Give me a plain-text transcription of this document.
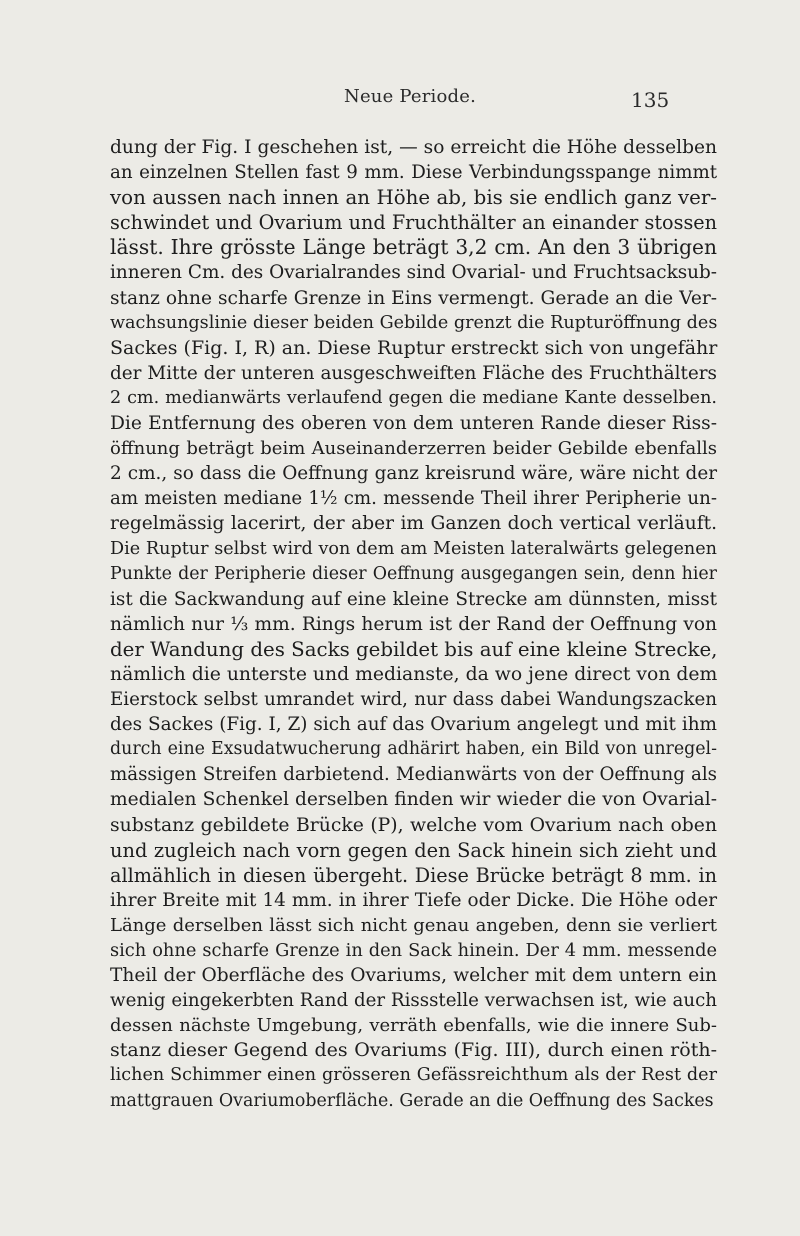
Neue Periode.	135
dung der Fig. I geschehen ist, — so erreicht die Höhe desselben
an einzelnen Stellen fast 9 mm. Diese Verbindungsspange nimmt
von aussen nach innen an Höhe ab, bis sie endlich ganz ver-
schwindet und Ovarium und Fruchthälter an einander stossen
lässt. Ihre grösste Länge beträgt 3,2 cm. An den 3 übrigen
inneren Cm. des Ovarialrandes sind Ovarial- und Fruchtsacksub-
stanz ohne scharfe Grenze in Eins vermengt. Gerade an die Ver-
wachsungslinie dieser beiden Gebilde grenzt die Rupturöffnung des
Sackes (Fig. I, R) an. Diese Ruptur erstreckt sich von ungefähr
der Mitte der unteren ausgeschweiften Fläche des Fruchthälters
2 cm. medianwärts verlaufend gegen die mediane Kante desselben.
Die Entfernung des oberen von dem unteren Rande dieser Riss-
öffnung beträgt beim Auseinanderzerren beider Gebilde ebenfalls
2 cm., so dass die Oeffnung ganz kreisrund wäre, wäre nicht der
am meisten mediane 1½ cm. messende Theil ihrer Peripherie un-
regelmässig lacerirt, der aber im Ganzen doch vertical verläuft.
Die Ruptur selbst wird von dem am Meisten lateralwärts gelegenen
Punkte der Peripherie dieser Oeffnung ausgegangen sein, denn hier
ist die Sackwandung auf eine kleine Strecke am dünnsten, misst
nämlich nur ⅓ mm. Rings herum ist der Rand der Oeffnung von
der Wandung des Sacks gebildet bis auf eine kleine Strecke,
nämlich die unterste und medianste, da wo jene direct von dem
Eierstock selbst umrandet wird, nur dass dabei Wandungszacken
des Sackes (Fig. I, Z) sich auf das Ovarium angelegt und mit ihm
durch eine Exsudatwucherung adhärirt haben, ein Bild von unregel-
mässigen Streifen darbietend. Medianwärts von der Oeffnung als
medialen Schenkel derselben finden wir wieder die von Ovarial-
substanz gebildete Brücke (P), welche vom Ovarium nach oben
und zugleich nach vorn gegen den Sack hinein sich zieht und
allmählich in diesen übergeht. Diese Brücke beträgt 8 mm. in
ihrer Breite mit 14 mm. in ihrer Tiefe oder Dicke. Die Höhe oder
Länge derselben lässt sich nicht genau angeben, denn sie verliert
sich ohne scharfe Grenze in den Sack hinein. Der 4 mm. messende
Theil der Oberfläche des Ovariums, welcher mit dem untern ein
wenig eingekerbten Rand der Rissstelle verwachsen ist, wie auch
dessen nächste Umgebung, verräth ebenfalls, wie die innere Sub-
stanz dieser Gegend des Ovariums (Fig. III), durch einen röth-
lichen Schimmer einen grösseren Gefässreichthum als der Rest der
mattgrauen Ovariumoberfläche. Gerade an die Oeffnung des Sackes
